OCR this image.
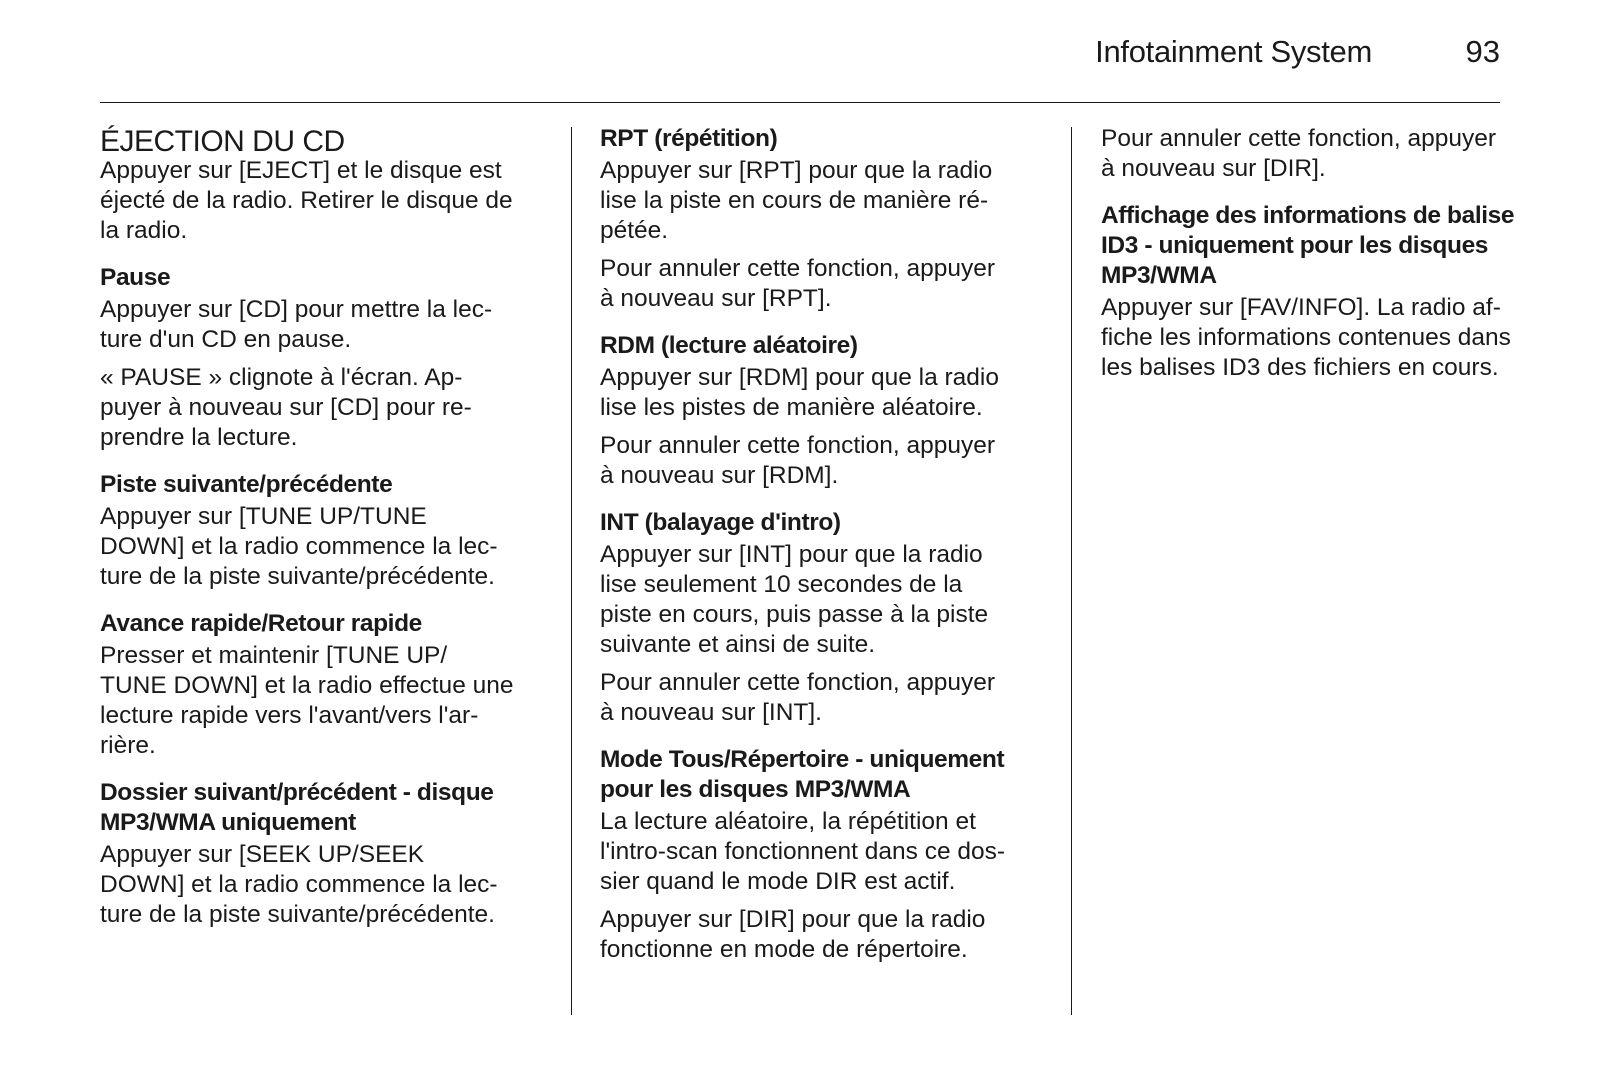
Infotainment System	93
ÉJECTION DU CD

Appuyer sur [EJECT] et le disque est
éjecté de la radio. Retirer le disque de
la radio.

Pause

Appuyer sur [CD] pour mettre la lec-
ture d'un CD en pause.

« PAUSE » clignote à l'écran. Ap-
puyer à nouveau sur [CD] pour re-
prendre la lecture.

Piste suivante/précédente

Appuyer sur [TUNE UP/TUNE
DOWN] et la radio commence la lec-
ture de la piste suivante/précédente.

Avance rapide/Retour rapide

Presser et maintenir [TUNE UP/
TUNE DOWN] et la radio effectue une
lecture rapide vers l'avant/vers l'ar-
rière.

Dossier suivant/précédent - disque
MP3/WMA uniquement

Appuyer sur [SEEK UP/SEEK
DOWN] et la radio commence la lec-
ture de la piste suivante/précédente.

RPT (répétition)

Appuyer sur [RPT] pour que la radio
lise la piste en cours de manière ré-
pétée.

Pour annuler cette fonction, appuyer
à nouveau sur [RPT].

RDM (lecture aléatoire)

Appuyer sur [RDM] pour que la radio
lise les pistes de manière aléatoire.

Pour annuler cette fonction, appuyer
à nouveau sur [RDM].

INT (balayage d'intro)

Appuyer sur [INT] pour que la radio
lise seulement 10 secondes de la
piste en cours, puis passe à la piste
suivante et ainsi de suite.

Pour annuler cette fonction, appuyer
à nouveau sur [INT].

Mode Tous/Répertoire - uniquement
pour les disques MP3/WMA

La lecture aléatoire, la répétition et
l'intro-scan fonctionnent dans ce dos-
sier quand le mode DIR est actif.

Appuyer sur [DIR] pour que la radio
fonctionne en mode de répertoire.

Pour annuler cette fonction, appuyer
à nouveau sur [DIR].

Affichage des informations de balise
ID3 - uniquement pour les disques
MP3/WMA

Appuyer sur [FAV/INFO]. La radio af-
fiche les informations contenues dans
les balises ID3 des fichiers en cours.
